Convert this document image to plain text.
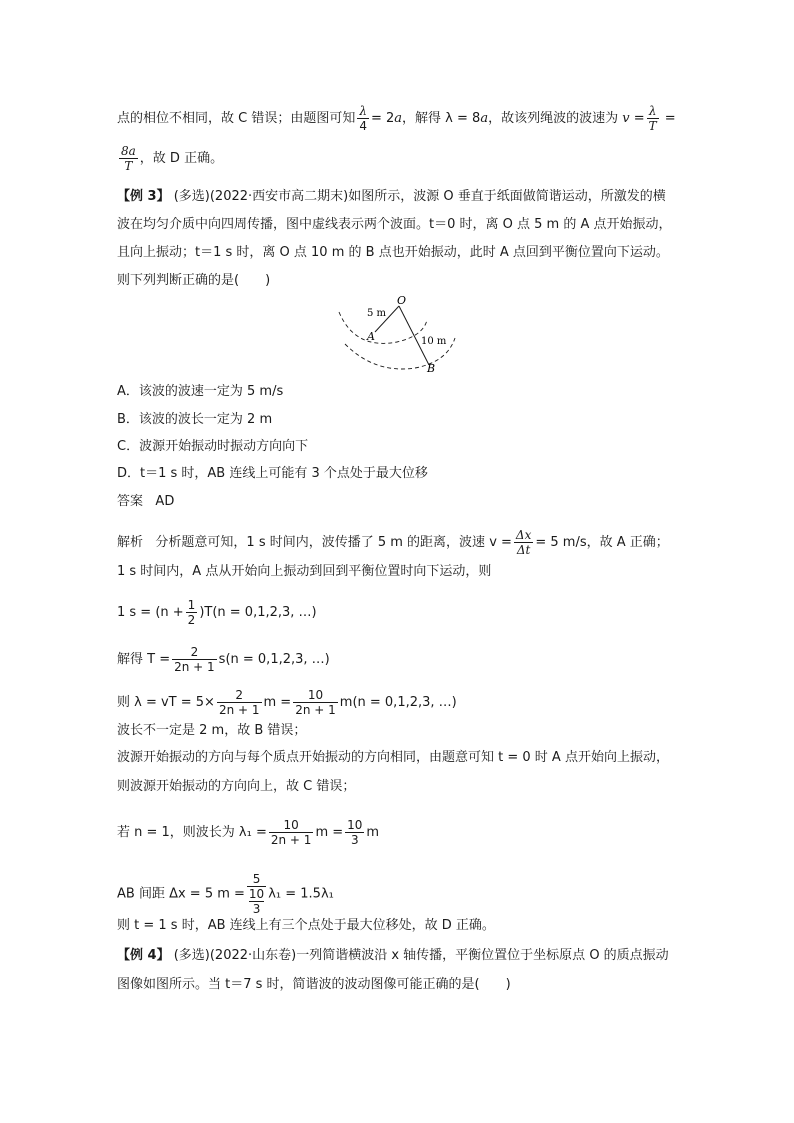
点的相位不相同，故 C 错误；由题图可知 $\frac{\lambda}{4} = 2a$，解得 λ = 8a，故该列绳波的波速为 $v = \frac{\lambda}{T}$ =
$\frac{8a}{T}$ ，故 D 正确。
【例 3】 (多选)(2022·西安市高二期末)如图所示，波源 O 垂直于纸面做简谐运动，所激发的横
波在均匀介质中向四周传播，图中虚线表示两个波面。t＝0 时，离 O 点 5 m 的 A 点开始振动，
且向上振动；t＝1 s 时，离 O 点 10 m 的 B 点也开始振动，此时 A 点回到平衡位置向下运动。
则下列判断正确的是(　　)
O
A
B
5 m
10 m
A．该波的波速一定为 5 m/s
B．该波的波长一定为 2 m
C．波源开始振动时振动方向向下
D．t＝1 s 时，AB 连线上可能有 3 个点处于最大位移
答案 AD
解析 分析题意可知，1 s 时间内，波传播了 5 m 的距离，波速 $v = \frac{\Delta x}{\Delta t} = 5$ m/s，故 A 正确；
1 s 时间内，A 点从开始向上振动到回到平衡位置时向下运动，则
1 $s = (n + \frac{1}{2} )T(n = 0,1,2,3$, …)
解得 $T = \frac{2}{2n + 1} s(n = 0,1,2,3$, …)
则 λ = vT = $5\times \frac{2}{2n + 1}$ $m = \frac{10}{2n + 1} m(n = 0,1,2,3$, …)
波长不一定是 2 m，故 B 错误；
波源开始振动的方向与每个质点开始振动的方向相同，由题意可知 t = 0 时 A 点开始向上振动，
则波源开始振动的方向向上，故 C 错误；
若 n = 1，则波长为 $\lambda_1 = \frac{10}{2n + 1}$ $m = \frac{10}{3}$ m
AB 间距 Δx = 5 m = 5
10
3 λ₁ = 1.5λ₁
则 t = 1 s 时，AB 连线上有三个点处于最大位移处，故 D 正确。
【例 4】 (多选)(2022·山东卷)一列简谐横波沿 x 轴传播，平衡位置位于坐标原点 O 的质点振动
图像如图所示。当 t＝7 s 时，简谐波的波动图像可能正确的是(　　)
